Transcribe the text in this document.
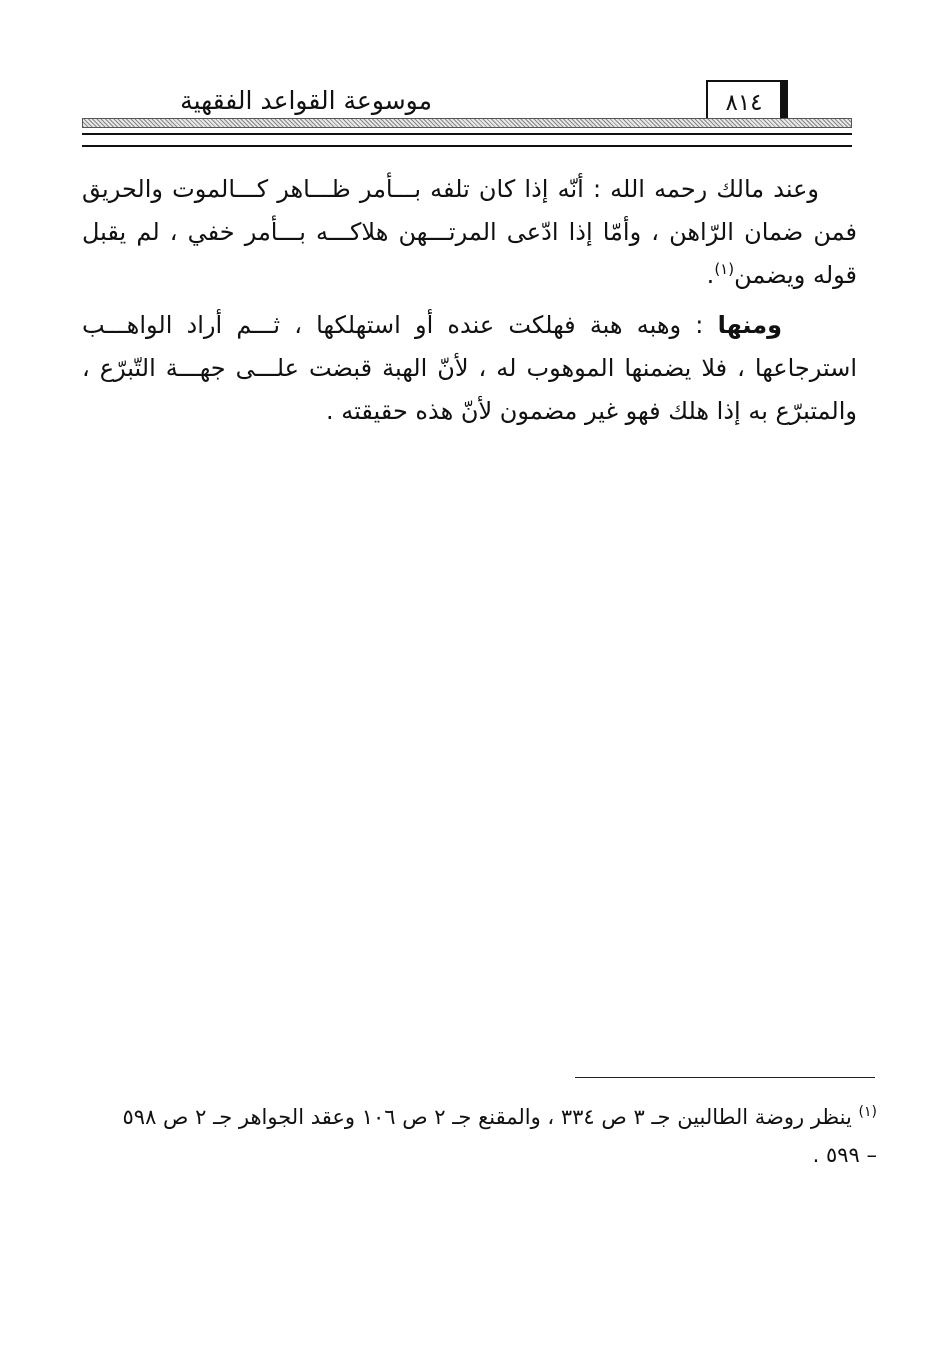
موسوعة القواعد الفقهية	٨١٤

وعند مالك رحمه الله : أنّه إذا كان تلفه بـــأمر ظـــاهر كـــالموت والحريق فمن ضمان الرّاهن ، وأمّا إذا ادّعى المرتـــهن هلاكـــه بـــأمر خفي ، لم يقبل قوله ويضمن$^{(١)}$.

ومنها : وهبه هبة فهلكت عنده أو استهلكها ، ثـــم أراد الواهـــب استرجاعها ، فلا يضمنها الموهوب له ، لأنّ الهبة قبضت علـــى جهـــة التّبرّع ، والمتبرّع به إذا هلك فهو غير مضمون لأنّ هذه حقيقته .

$^{(١)}$ ينظر روضة الطالبين جـ ٣ ص ٣٣٤ ، والمقنع جـ ٢ ص ١٠٦ وعقد الجواهر جـ ٢ ص ٥٩٨ – ٥٩٩ .
